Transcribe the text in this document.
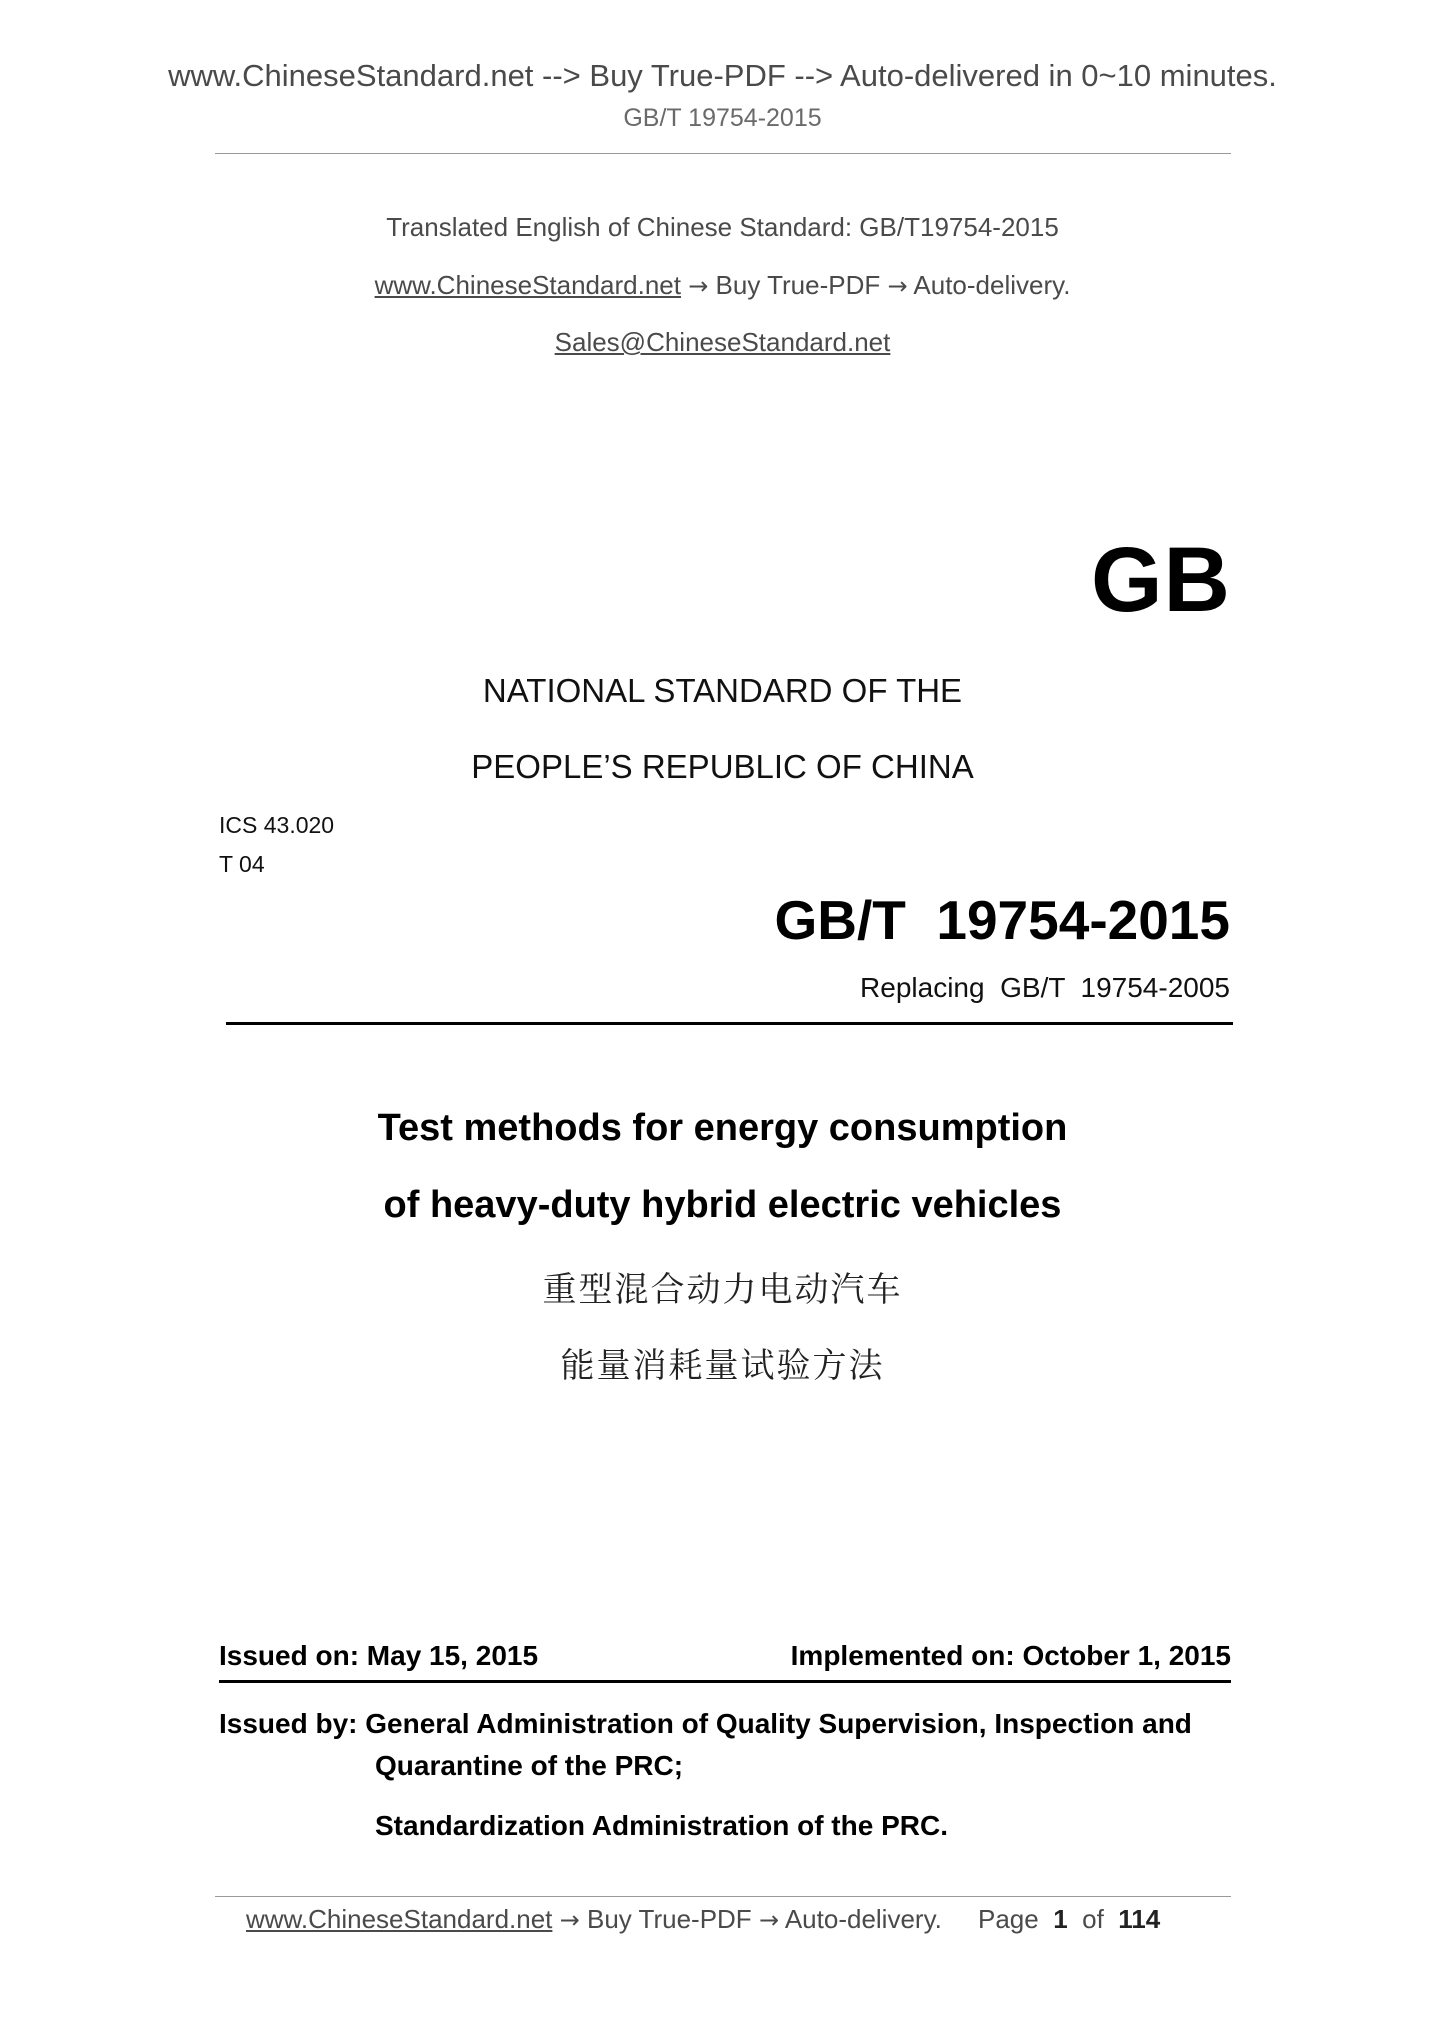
www.ChineseStandard.net --> Buy True-PDF --> Auto-delivered in 0~10 minutes.
GB/T 19754-2015
Translated English of Chinese Standard: GB/T19754-2015
www.ChineseStandard.net → Buy True-PDF → Auto-delivery.
Sales@ChineseStandard.net
GB
NATIONAL STANDARD OF THE
PEOPLE’S REPUBLIC OF CHINA
ICS 43.020
T 04
GB/T  19754-2015
Replacing  GB/T  19754-2005
Test methods for energy consumption
of heavy-duty hybrid electric vehicles
重型混合动力电动汽车
能量消耗量试验方法
Issued on: May 15, 2015	Implemented on: October 1, 2015
Issued by: General Administration of Quality Supervision, Inspection and
Quarantine of the PRC;
Standardization Administration of the PRC.
www.ChineseStandard.net → Buy True-PDF → Auto-delivery. Page 1 of 114
